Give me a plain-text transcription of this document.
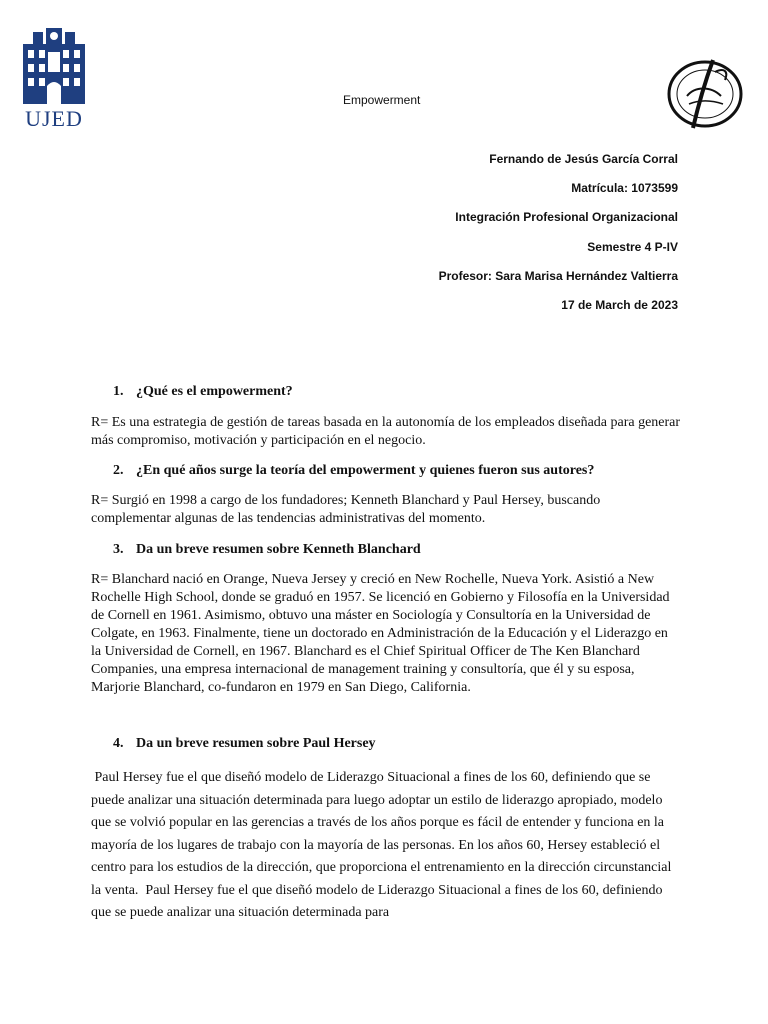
UJED
Empowerment
Fernando de Jesús García Corral
Matrícula: 1073599
Integración Profesional Organizacional
Semestre 4 P-IV
Profesor: Sara Marisa Hernández Valtierra
17 de March de 2023
1. ¿Qué es el empowerment?
R= Es una estrategia de gestión de tareas basada en la autonomía de los empleados diseñada para generar más compromiso, motivación y participación en el negocio.
2. ¿En qué años surge la teoría del empowerment y quienes fueron sus autores?
R= Surgió en 1998 a cargo de los fundadores; Kenneth Blanchard y Paul Hersey, buscando complementar algunas de las tendencias administrativas del momento.
3. Da un breve resumen sobre Kenneth Blanchard
R= Blanchard nació en Orange, Nueva Jersey y creció en New Rochelle, Nueva York. Asistió a New Rochelle High School, donde se graduó en 1957. Se licenció en Gobierno y Filosofía en la Universidad de Cornell en 1961. Asimismo, obtuvo una máster en Sociología y Consultoría en la Universidad de Colgate, en 1963. Finalmente, tiene un doctorado en Administración de la Educación y el Liderazgo en la Universidad de Cornell, en 1967. Blanchard es el Chief Spiritual Officer de The Ken Blanchard Companies, una empresa internacional de management training y consultoría, que él y su esposa, Marjorie Blanchard, co-fundaron en 1979 en San Diego, California.
4. Da un breve resumen sobre Paul Hersey
Paul Hersey fue el que diseñó modelo de Liderazgo Situacional a fines de los 60, definiendo que se puede analizar una situación determinada para luego adoptar un estilo de liderazgo apropiado, modelo que se volvió popular en las gerencias a través de los años porque es fácil de entender y funciona en la mayoría de los lugares de trabajo con la mayoría de las personas. En los años 60, Hersey estableció el centro para los estudios de la dirección, que proporciona el entrenamiento en la dirección circunstancial la venta.  Paul Hersey fue el que diseñó modelo de Liderazgo Situacional a fines de los 60, definiendo que se puede analizar una situación determinada para
